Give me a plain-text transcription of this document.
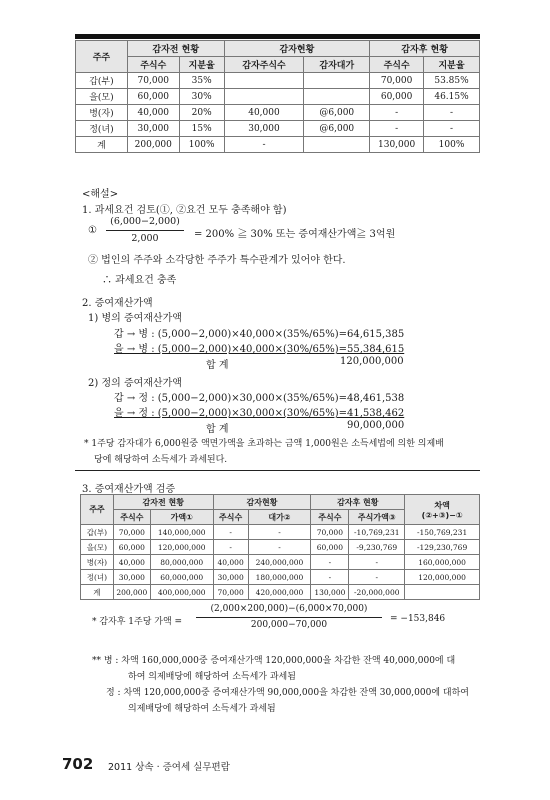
주주	감자전 현황		감자현황		감자후 현황	
	주식수	지분율	감자주식수	감자대가	주식수	지분율
갑(부)	70,000	35%			70,000	53.85%
을(모)	60,000	30%			60,000	46.15%
병(자)	40,000	20%	40,000	@6,000	-	-
정(녀)	30,000	15%	30,000	@6,000	-	-
계	200,000	100%	-		130,000	100%
<해설>
1. 과세요건 검토(①, ②요건 모두 충족해야 함)
①
(6,000−2,000)
2,000	= 200% ≧ 30% 또는 증여재산가액≧ 3억원
② 법인의 주주와 소각당한 주주가 특수관계가 있어야 한다.
∴ 과세요건 충족
2. 증여재산가액
1) 병의 증여재산가액
갑 → 병 : (5,000−2,000)×40,000×(35%/65%)=64,615,385
을 → 병 : (5,000−2,000)×40,000×(30%/65%)=55,384,615
합 계	120,000,000
2) 정의 증여재산가액
갑 → 정 : (5,000−2,000)×30,000×(35%/65%)=48,461,538
을 → 정 : (5,000−2,000)×30,000×(30%/65%)=41,538,462
합 계	90,000,000
* 1주당 감자대가 6,000원중 액면가액을 초과하는 금액 1,000원은 소득세법에 의한 의제배
당에 해당하여 소득세가 과세된다.
3. 증여재산가액 검증
주주	감자전 현황		감자현황		감자후 현황		차액
(②+③)−①

	주식수	가액①	주식수	대가②	주식수	주식가액③	
갑(부)	70,000	140,000,000	-	-	70,000	-10,769,231	-150,769,231
을(모)	60,000	120,000,000	-	-	60,000	-9,230,769	-129,230,769
병(자)	40,000	80,000,000	40,000	240,000,000	-	-	160,000,000
정(녀)	30,000	60,000,000	30,000	180,000,000	-	-	120,000,000
계	200,000	400,000,000	70,000	420,000,000	130,000	-20,000,000	
* 감자후 1주당 가액 =
(2,000×200,000)−(6,000×70,000)
200,000−70,000
= −153,846
** 병 : 차액 160,000,000중 증여재산가액 120,000,000을 차감한 잔액 40,000,000에 대
하여 의제배당에 해당하여 소득세가 과세됨
정 : 차액 120,000,000중 증여재산가액 90,000,000을 차감한 잔액 30,000,000에 대하여
의제배당에 해당하여 소득세가 과세됨
702 2011 상속 · 증여세 실무편람
